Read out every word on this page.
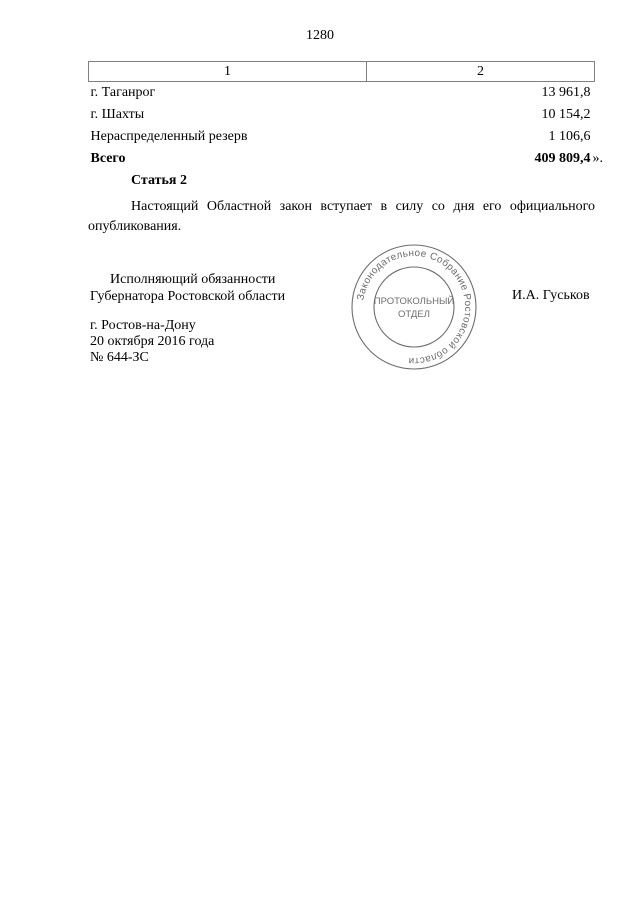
1280
1	2
г. Таганрог	13 961,8
г. Шахты	10 154,2
Нераспределенный резерв	1 106,6
Всего	409 809,4 ».
Статья 2

Настоящий Областной закон вступает в силу со дня его официального опубликования.

Исполняющий обязанности
Губернатора Ростовской области	Законодательное Собрание Ростовской области
ПРОТОКОЛЬНЫЙ
ОТДЕЛ
И.А. Гуськов
г. Ростов-на-Дону
20 октября 2016 года
№ 644-ЗС
